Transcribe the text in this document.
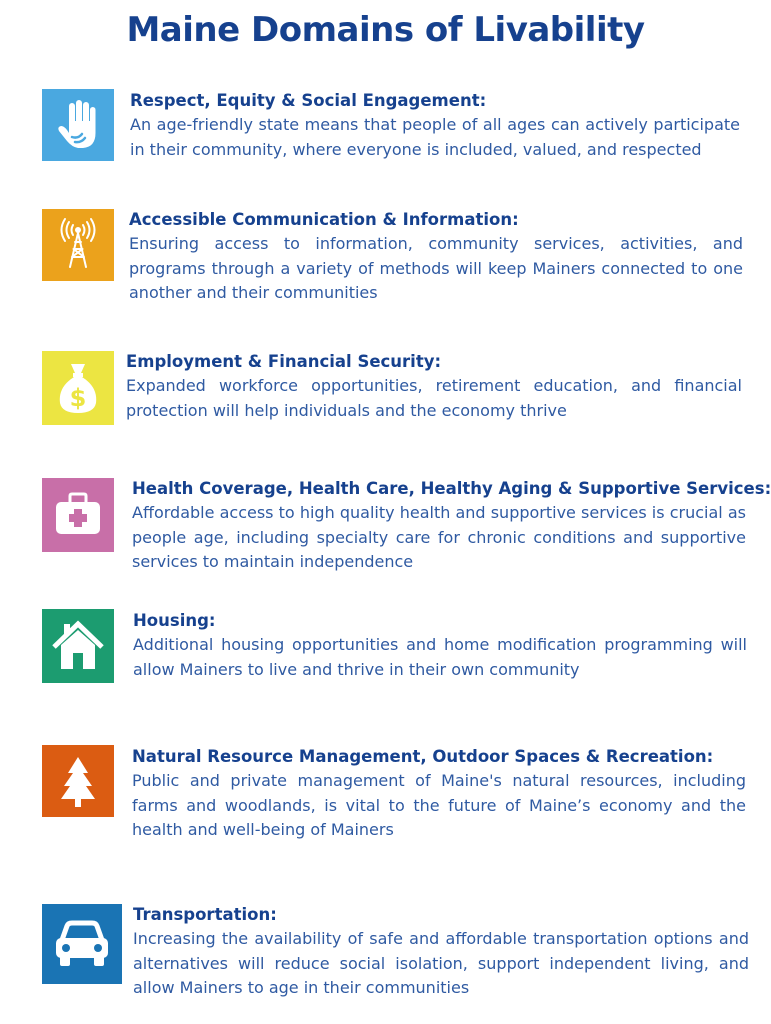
Maine Domains of Livability
Respect, Equity & Social Engagement:
An age-friendly state means that people of all ages can actively participate in their community, where everyone is included, valued, and respected
Accessible Communication & Information:
Ensuring access to information, community services, activities, and programs through a variety of methods will keep Mainers connected to one another and their communities
$
Employment & Financial Security:
Expanded workforce opportunities, retirement education, and financial protection will help individuals and the economy thrive
Health Coverage, Health Care, Healthy Aging & Supportive Services:
Affordable access to high quality health and supportive services is crucial as people age, including specialty care for chronic conditions and supportive services to maintain independence
Housing:
Additional housing opportunities and home modification programming will allow Mainers to live and thrive in their own community
Natural Resource Management, Outdoor Spaces & Recreation:
Public and private management of Maine's natural resources, including farms and woodlands, is vital to the future of Maine’s economy and the health and well-being of Mainers
Transportation:
Increasing the availability of safe and affordable transportation options and alternatives will reduce social isolation, support independent living, and allow Mainers to age in their communities
